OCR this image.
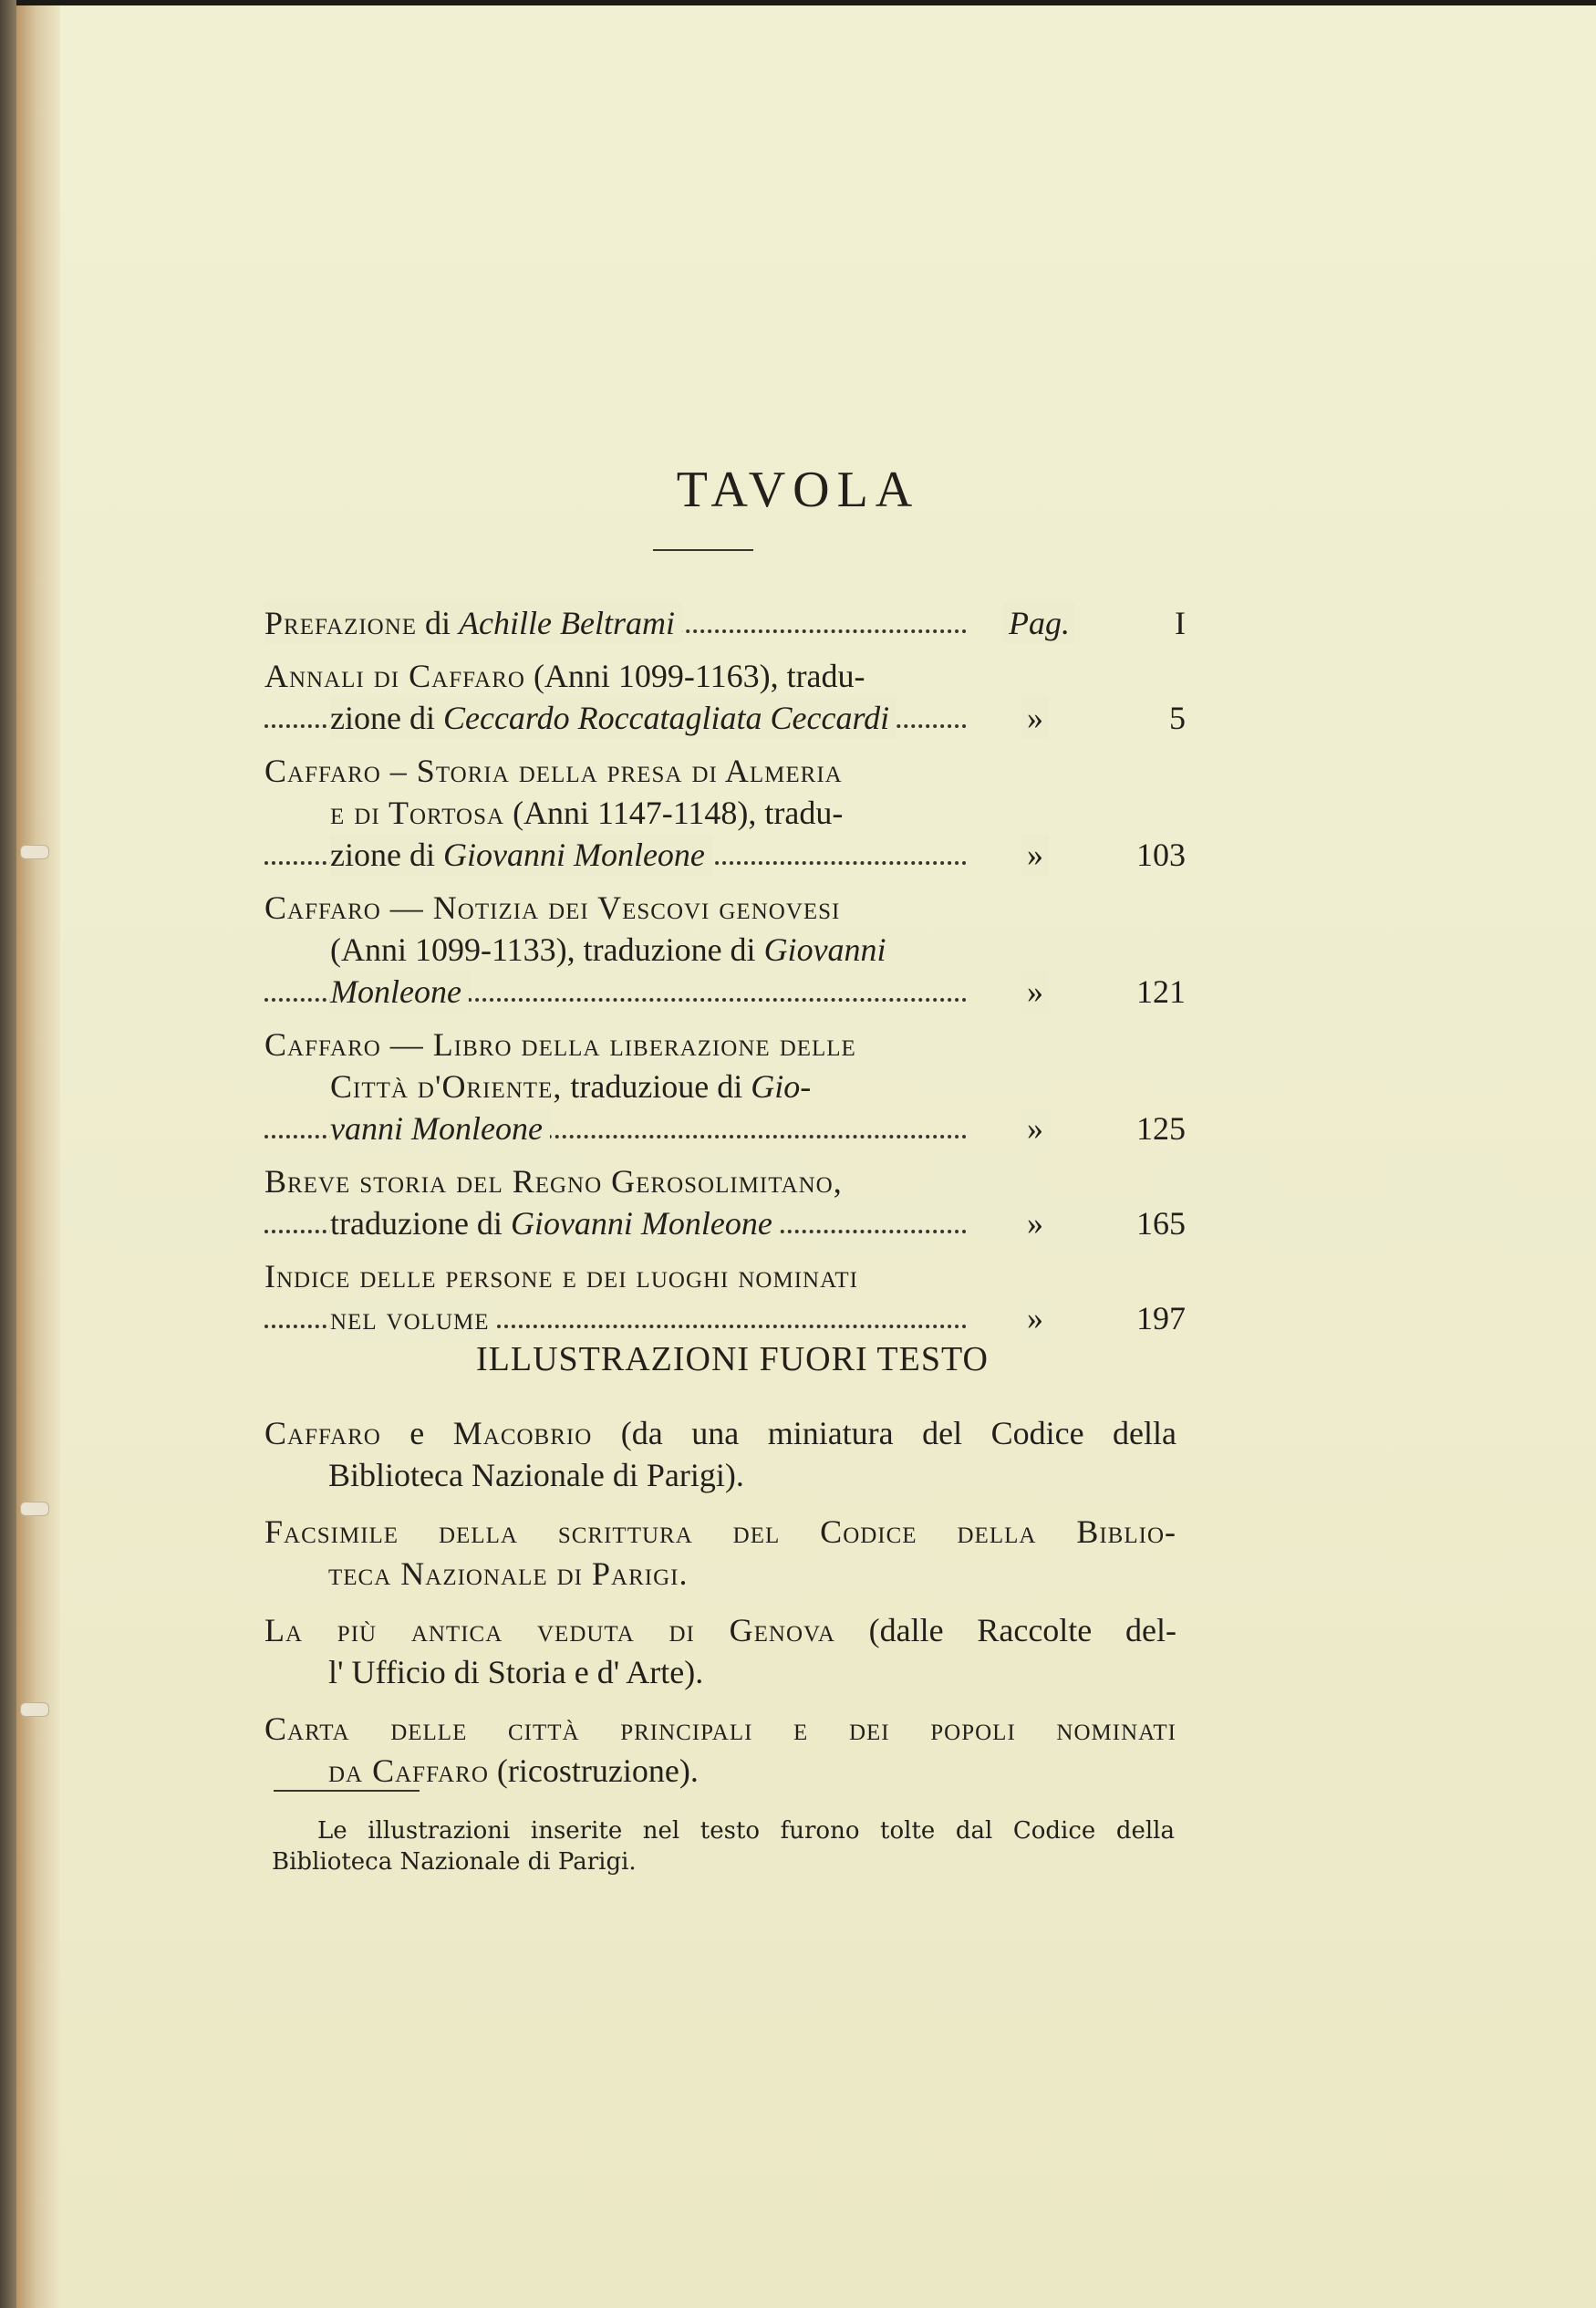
TAVOLA
Prefazione di Achille Beltrami	Pag.	I
Annali di Caffaro (Anni 1099-1163), tradu-
zione di Ceccardo Roccatagliata Ceccardi	»	5
Caffaro – Storia della presa di Almeria
e di Tortosa (Anni 1147-1148), tradu-
zione di Giovanni Monleone	»	103
Caffaro — Notizia dei Vescovi genovesi
(Anni 1099-1133), traduzione di Giovanni
Monleone	»	121
Caffaro — Libro della liberazione delle
Città d'Oriente, traduzioue di Gio-
vanni Monleone	»	125
Breve storia del Regno Gerosolimitano,
traduzione di Giovanni Monleone	»	165
Indice delle persone e dei luoghi nominati
nel volume	»	197
ILLUSTRAZIONI FUORI TESTO
Caffaro e Macobrio (da una miniatura del Codice della
Biblioteca Nazionale di Parigi).
Facsimile della scrittura del Codice della Biblio-
teca Nazionale di Parigi.
La più antica veduta di Genova (dalle Raccolte del-
l' Ufficio di Storia e d' Arte).
Carta delle città principali e dei popoli nominati
da Caffaro (ricostruzione).
Le illustrazioni inserite nel testo furono tolte dal Codice della
Biblioteca Nazionale di Parigi.
